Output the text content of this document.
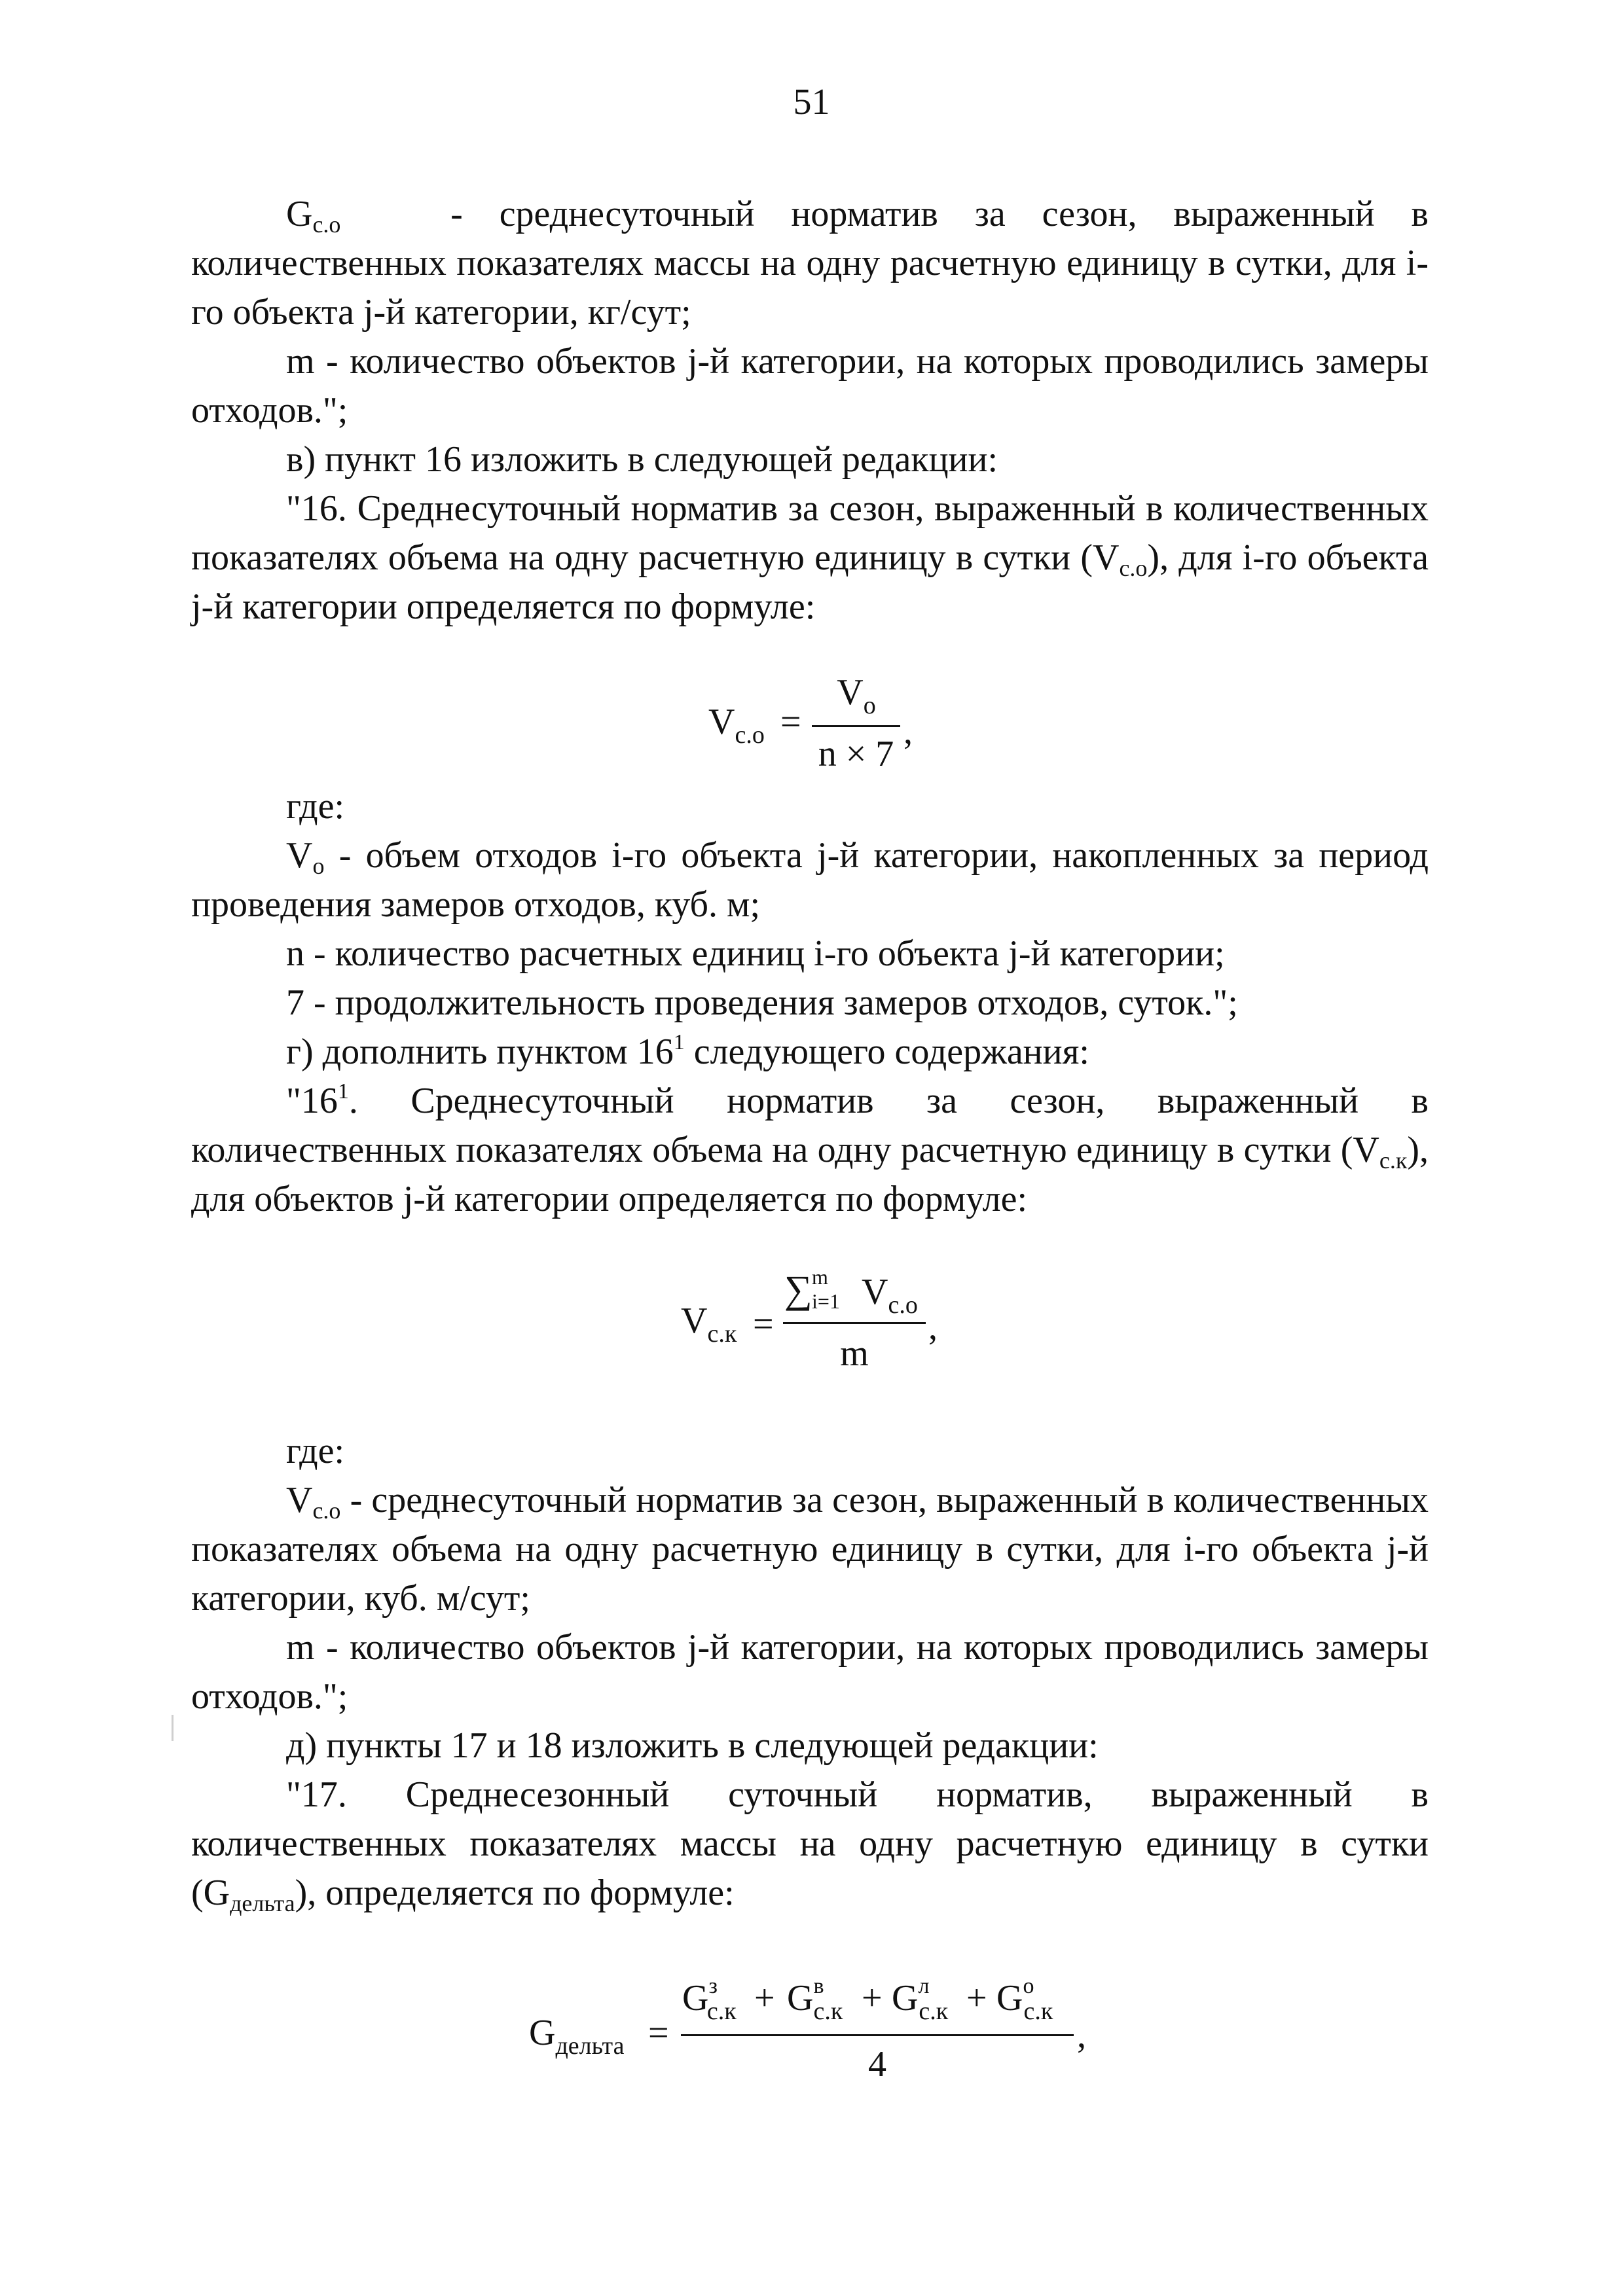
51

$G_{с.о}$	- среднесуточный норматив за сезон, выраженный в количественных показателях массы на одну расчетную единицу в сутки, для i-го объекта j-й категории, кг/сут;

m - количество объектов j-й категории, на которых проводились замеры отходов.";

в) пункт 16 изложить в следующей редакции:

"16. Среднесуточный норматив за сезон, выраженный в количественных показателях объема на одну расчетную единицу в сутки $(V_{с.о})$, для i-го объекта j-й категории определяется по формуле:

$V_{с.о}$ =
$V_о$
n × 7
,

где:

$V_о$ - объем отходов i-го объекта j-й категории, накопленных за период проведения замеров отходов, куб. м;

n - количество расчетных единиц i-го объекта j-й категории;

7 - продолжительность проведения замеров отходов, суток.";

г) дополнить пунктом $16^1$ следующего содержания:

"$16^1$. Среднесуточный норматив за сезон, выраженный в количественных показателях объема на одну расчетную единицу в сутки $(V_{с.к})$, для объектов j-й категории определяется по формуле:

$V_{с.к}$ =
∑ m
i=1 $V_{с.о}$
m
,

где:

$V_{с.о}$ - среднесуточный норматив за сезон, выраженный в количественных показателях объема на одну расчетную единицу в сутки, для i-го объекта j-й категории, куб. м/сут;

m - количество объектов j-й категории, на которых проводились замеры отходов.";

д) пункты 17 и 18 изложить в следующей редакции:

"17. Среднесезонный суточный норматив, выраженный в количественных показателях массы на одну расчетную единицу в сутки $(G_{дельта})$, определяется по формуле:

$G_{дельта}$ =
$G^з_{с.к} + G^в_{с.к} + G^л_{с.к} + G^о_{с.к}$
4
,
